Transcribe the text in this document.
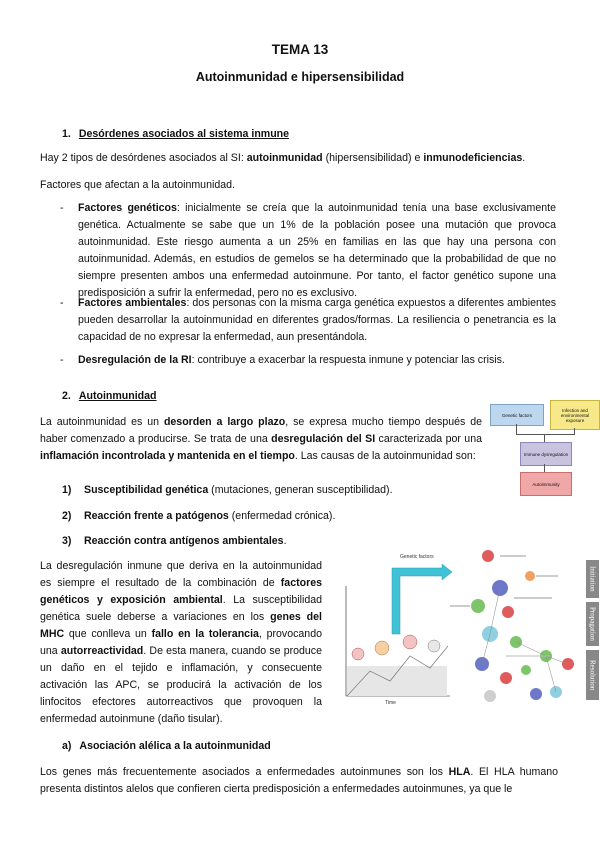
TEMA 13
Autoinmunidad e hipersensibilidad
1. Desórdenes asociados al sistema inmune
Hay 2 tipos de desórdenes asociados al SI: autoinmunidad (hipersensibilidad) e inmunodeficiencias.
Factores que afectan a la autoinmunidad.
- Factores genéticos: inicialmente se creía que la autoinmunidad tenía una base exclusivamente genética. Actualmente se sabe que un 1% de la población posee una mutación que provoca autoinmunidad. Este riesgo aumenta a un 25% en familias en las que hay una persona con autoinmunidad. Además, en estudios de gemelos se ha determinado que la probabilidad de que no siempre presenten ambos una enfermedad autoinmune. Por tanto, el factor genético supone una predisposición a sufrir la enfermedad, pero no es exclusivo.
- Factores ambientales: dos personas con la misma carga genética expuestos a diferentes ambientes pueden desarrollar la autoinmunidad en diferentes grados/formas. La resiliencia o penetrancia es la capacidad de no expresar la enfermedad, aun presentándola.
- Desregulación de la RI: contribuye a exacerbar la respuesta inmune y potenciar las crisis.
2. Autoinmunidad
La autoinmunidad es un desorden a largo plazo, se expresa mucho tiempo después de haber comenzado a producirse. Se trata de una desregulación del SI caracterizada por una inflamación incontrolada y mantenida en el tiempo. Las causas de la autoinmunidad son:
Genetic factors
Infection and environmental exposure
Immune dysregulation
Autoimmunity
1) Susceptibilidad genética (mutaciones, generan susceptibilidad).
2) Reacción frente a patógenos (enfermedad crónica).
3) Reacción contra antígenos ambientales.
La desregulación inmune que deriva en la autoinmunidad es siempre el resultado de la combinación de factores genéticos y exposición ambiental. La susceptibilidad genética suele deberse a variaciones en los genes del MHC que conlleva un fallo en la tolerancia, provocando una autorreactividad. De esta manera, cuando se produce un daño en el tejido e inflamación, y consecuente activación las APC, se producirá la activación de los linfocitos efectores autorreactivos que provoquen la enfermedad autoinmune (daño tisular).
Genetic factors
Time
Initiation
Propagation
Resolution
a) Asociación alélica a la autoinmunidad
Los genes más frecuentemente asociados a enfermedades autoinmunes son los HLA. El HLA humano presenta distintos alelos que confieren cierta predisposición a enfermedades autoinmunes, ya que le
